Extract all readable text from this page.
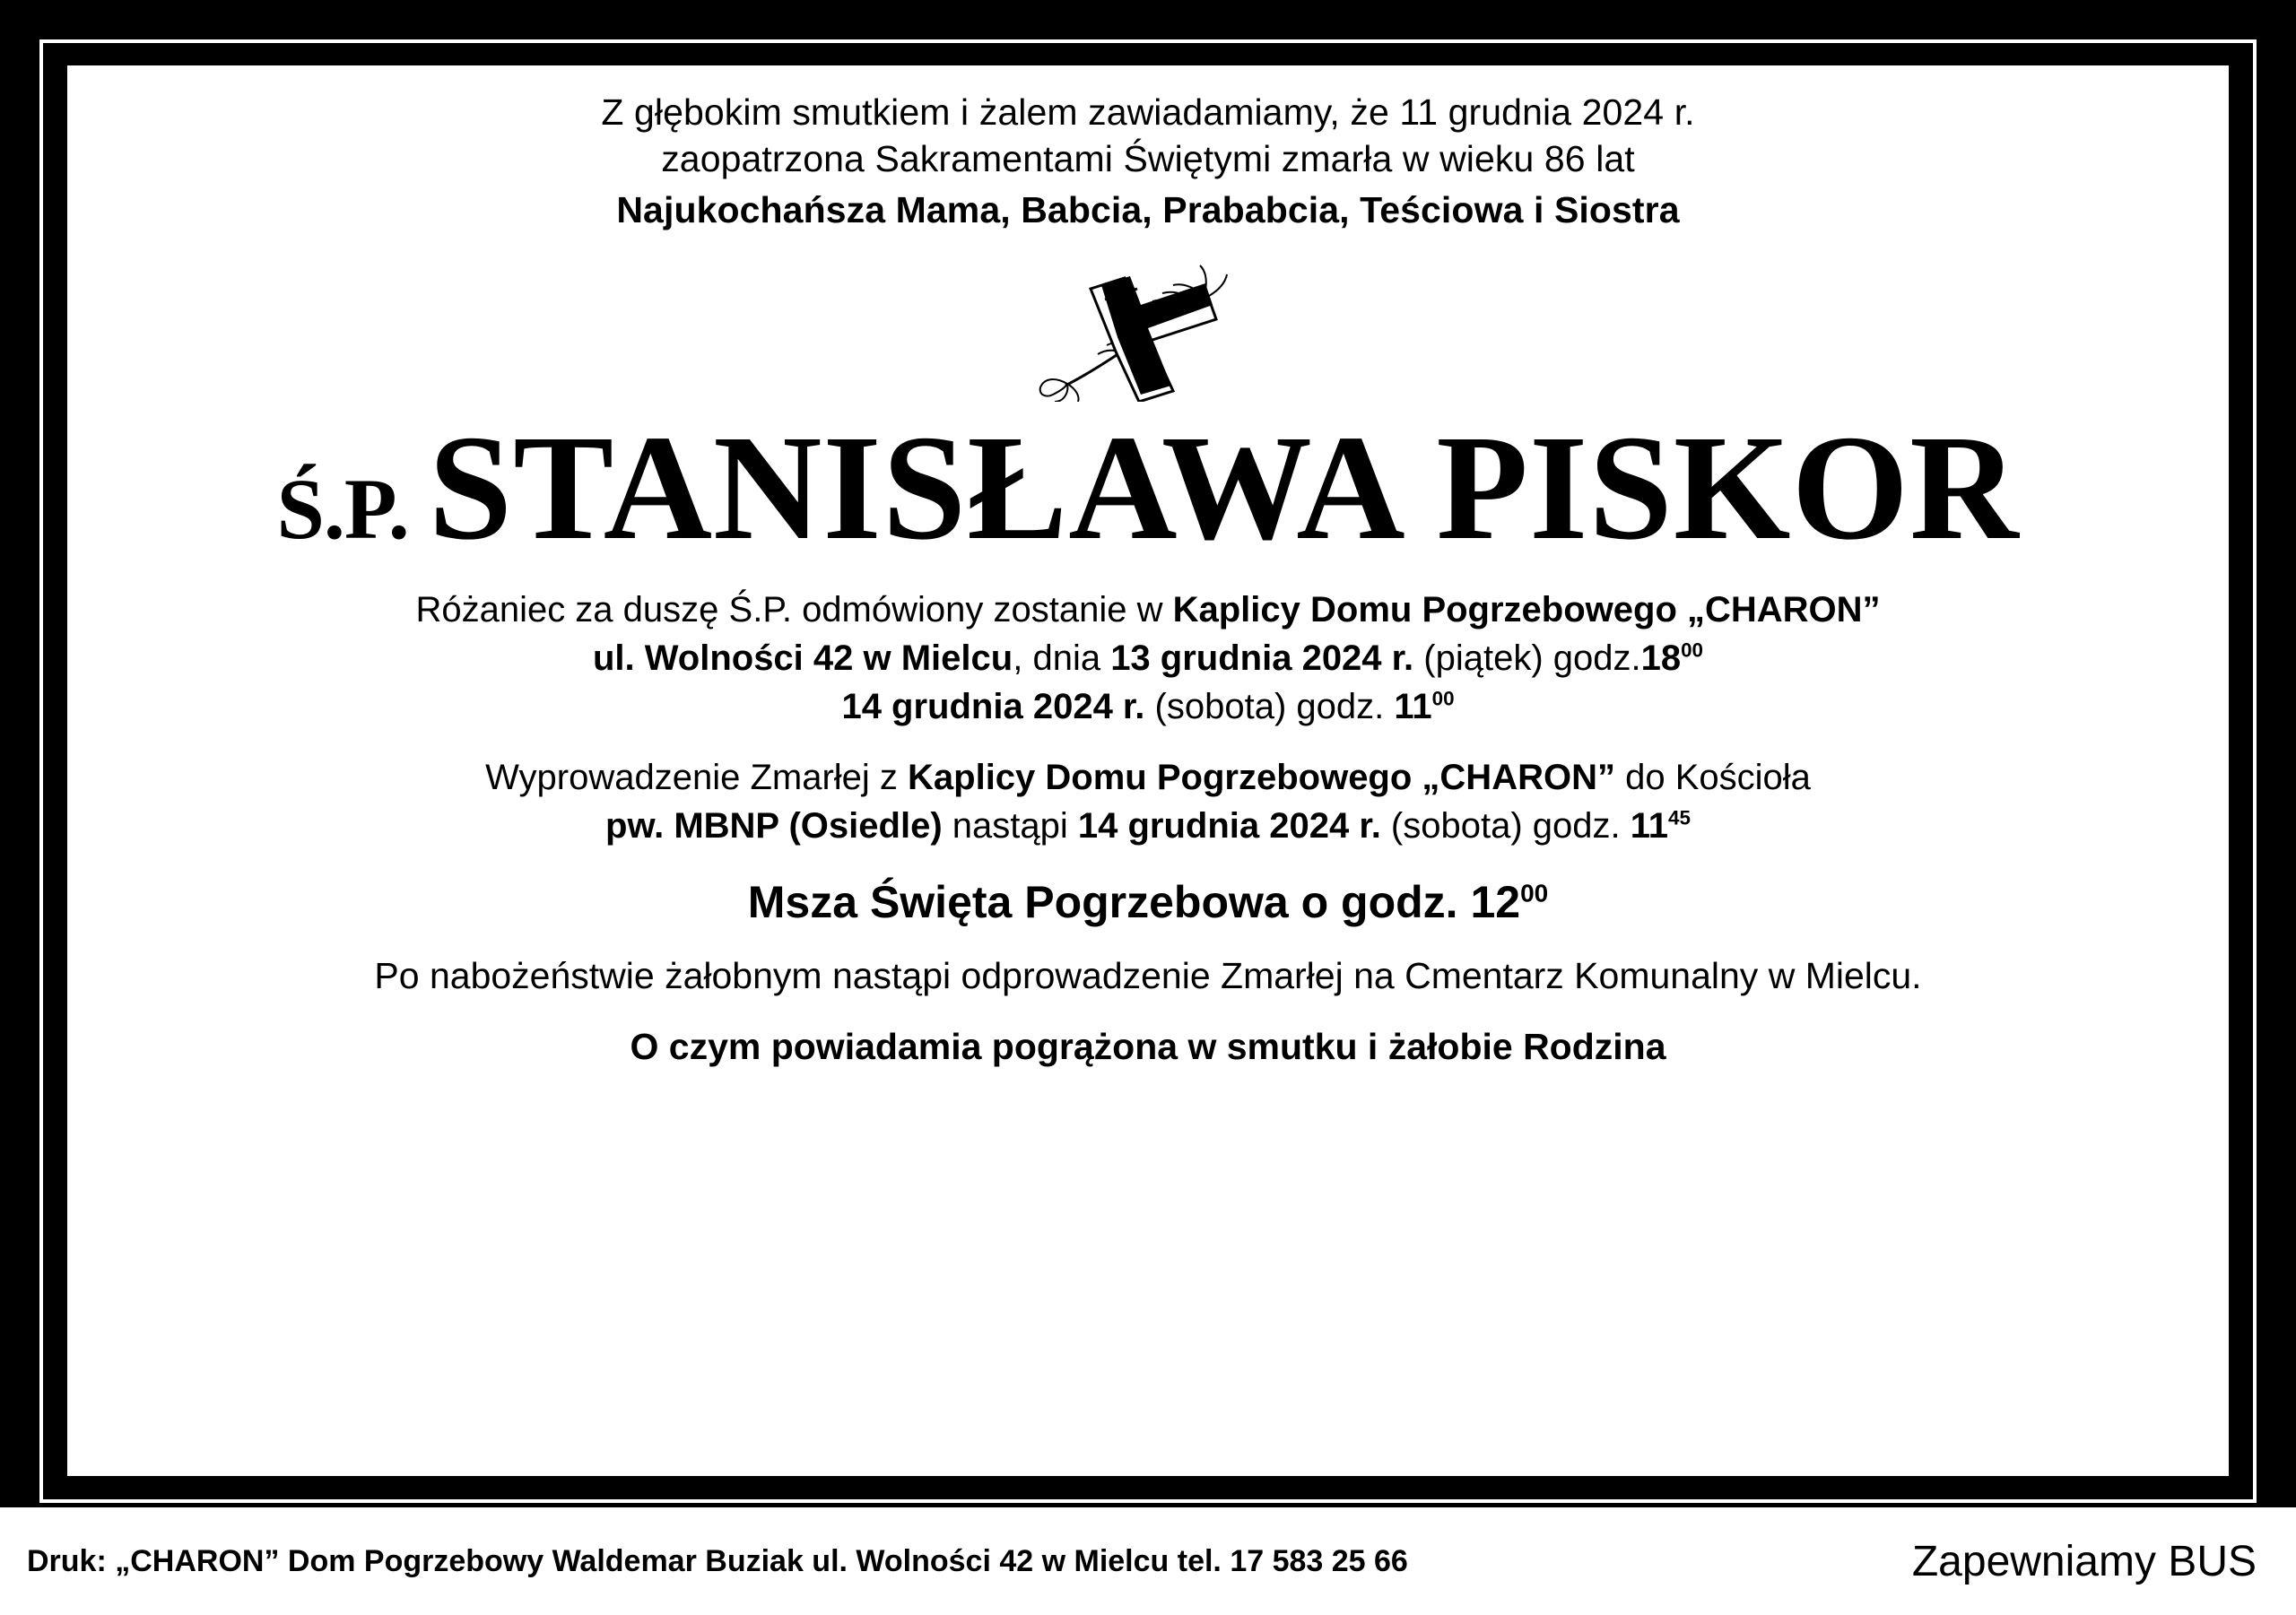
Z głębokim smutkiem i żalem zawiadamiamy, że 11 grudnia 2024 r.
zaopatrzona Sakramentami Świętymi zmarła w wieku 86 lat
Najukochańsza Mama, Babcia, Prababcia, Teściowa i Siostra
Ś.P. STANISŁAWA PISKOR
Różaniec za duszę Ś.P. odmówiony zostanie w Kaplicy Domu Pogrzebowego „CHARON”
ul. Wolności 42 w Mielcu, dnia 13 grudnia 2024 r. (piątek) $godz.18^{00}$
14 grudnia 2024 r. (sobota) godz. $11^{00}$
Wyprowadzenie Zmarłej z Kaplicy Domu Pogrzebowego „CHARON” do Kościoła
pw. MBNP (Osiedle) nastąpi 14 grudnia 2024 r. (sobota) godz. $11^{45}$
Msza Święta Pogrzebowa o godz. $12^{00}$
Po nabożeństwie żałobnym nastąpi odprowadzenie Zmarłej na Cmentarz Komunalny w Mielcu.
O czym powiadamia pogrążona w smutku i żałobie Rodzina
Druk: „CHARON” Dom Pogrzebowy Waldemar Buziak ul. Wolności 42 w Mielcu tel. 17 583 25 66	Zapewniamy BUS
